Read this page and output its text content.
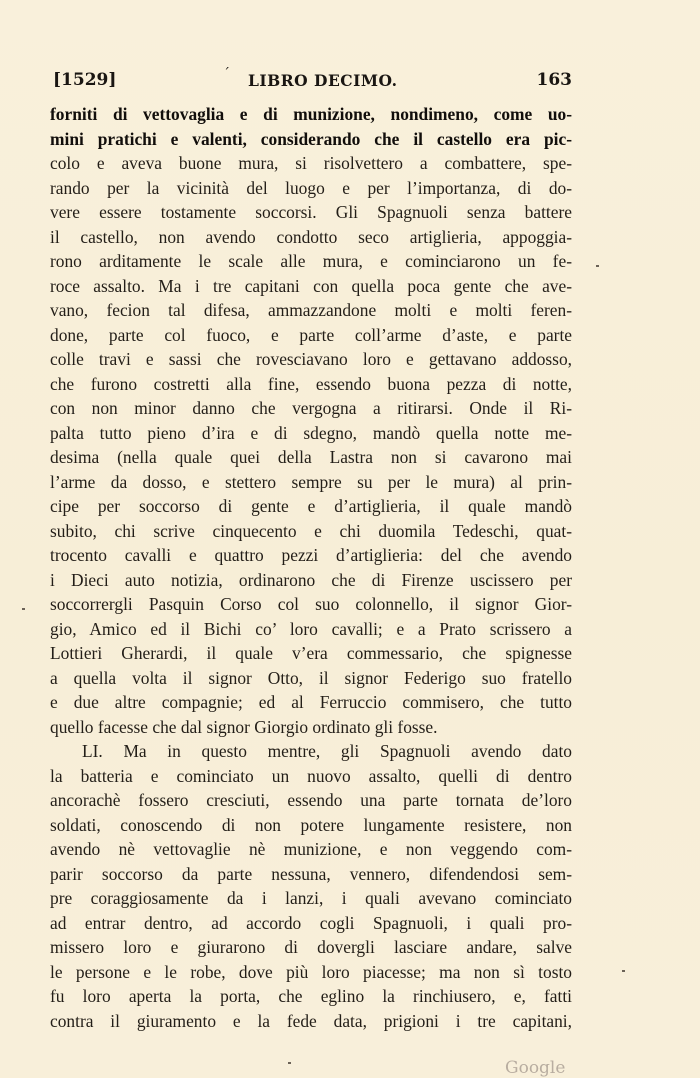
[1529]	´ LIBRO DECIMO.	163
forniti di vettovaglia e di munizione, nondimeno, come uo-
mini pratichi e valenti, considerando che il castello era pic-
colo e aveva buone mura, si risolvettero a combattere, spe-
rando per la vicinità del luogo e per l’importanza, di do-
vere essere tostamente soccorsi. Gli Spagnuoli senza battere
il castello, non avendo condotto seco artiglieria, appoggia-
rono arditamente le scale alle mura, e cominciarono un fe-
roce assalto. Ma i tre capitani con quella poca gente che ave-
vano, fecion tal difesa, ammazzandone molti e molti feren-
done, parte col fuoco, e parte coll’arme d’aste, e parte
colle travi e sassi che rovesciavano loro e gettavano addosso,
che furono costretti alla fine, essendo buona pezza di notte,
con non minor danno che vergogna a ritirarsi. Onde il Ri-
palta tutto pieno d’ira e di sdegno, mandò quella notte me-
desima (nella quale quei della Lastra non si cavarono mai
l’arme da dosso, e stettero sempre su per le mura) al prin-
cipe per soccorso di gente e d’artiglieria, il quale mandò
subito, chi scrive cinquecento e chi duomila Tedeschi, quat-
trocento cavalli e quattro pezzi d’artiglieria: del che avendo
i Dieci auto notizia, ordinarono che di Firenze uscissero per
soccorrergli Pasquin Corso col suo colonnello, il signor Gior-
gio, Amico ed il Bichi co’ loro cavalli; e a Prato scrissero a
Lottieri Gherardi, il quale v’era commessario, che spignesse
a quella volta il signor Otto, il signor Federigo suo fratello
e due altre compagnie; ed al Ferruccio commisero, che tutto
quello facesse che dal signor Giorgio ordinato gli fosse.
LI. Ma in questo mentre, gli Spagnuoli avendo dato
la batteria e cominciato un nuovo assalto, quelli di dentro
ancorachè fossero cresciuti, essendo una parte tornata de’loro
soldati, conoscendo di non potere lungamente resistere, non
avendo nè vettovaglie nè munizione, e non veggendo com-
parir soccorso da parte nessuna, vennero, difendendosi sem-
pre coraggiosamente da i lanzi, i quali avevano cominciato
ad entrar dentro, ad accordo cogli Spagnuoli, i quali pro-
missero loro e giurarono di dovergli lasciare andare, salve
le persone e le robe, dove più loro piacesse; ma non sì tosto
fu loro aperta la porta, che eglino la rinchiusero, e, fatti
contra il giuramento e la fede data, prigioni i tre capitani,
Google
